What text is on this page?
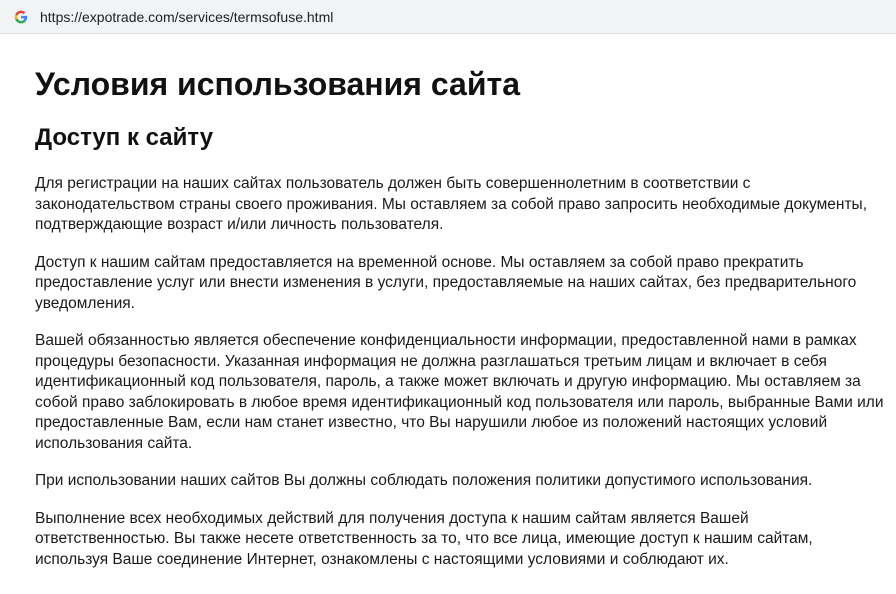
https://expotrade.com/services/termsofuse.html
Условия использования сайта
Доступ к сайту

Для регистрации на наших сайтах пользователь должен быть совершеннолетним в соответствии с законодательством страны своего проживания. Мы оставляем за собой право запросить необходимые документы, подтверждающие возраст и/или личность пользователя.

Доступ к нашим сайтам предоставляется на временной основе. Мы оставляем за собой право прекратить предоставление услуг или внести изменения в услуги, предоставляемые на наших сайтах, без предварительного уведомления.

Вашей обязанностью является обеспечение конфиденциальности информации, предоставленной нами в рамках процедуры безопасности. Указанная информация не должна разглашаться третьим лицам и включает в себя идентификационный код пользователя, пароль, а также может включать и другую информацию. Мы оставляем за собой право заблокировать в любое время идентификационный код пользователя или пароль, выбранные Вами или предоставленные Вам, если нам станет известно, что Вы нарушили любое из положений настоящих условий использования сайта.

При использовании наших сайтов Вы должны соблюдать положения политики допустимого использования.

Выполнение всех необходимых действий для получения доступа к нашим сайтам является Вашей ответственностью. Вы также несете ответственность за то, что все лица, имеющие доступ к нашим сайтам, используя Ваше соединение Интернет, ознакомлены с настоящими условиями и соблюдают их.
